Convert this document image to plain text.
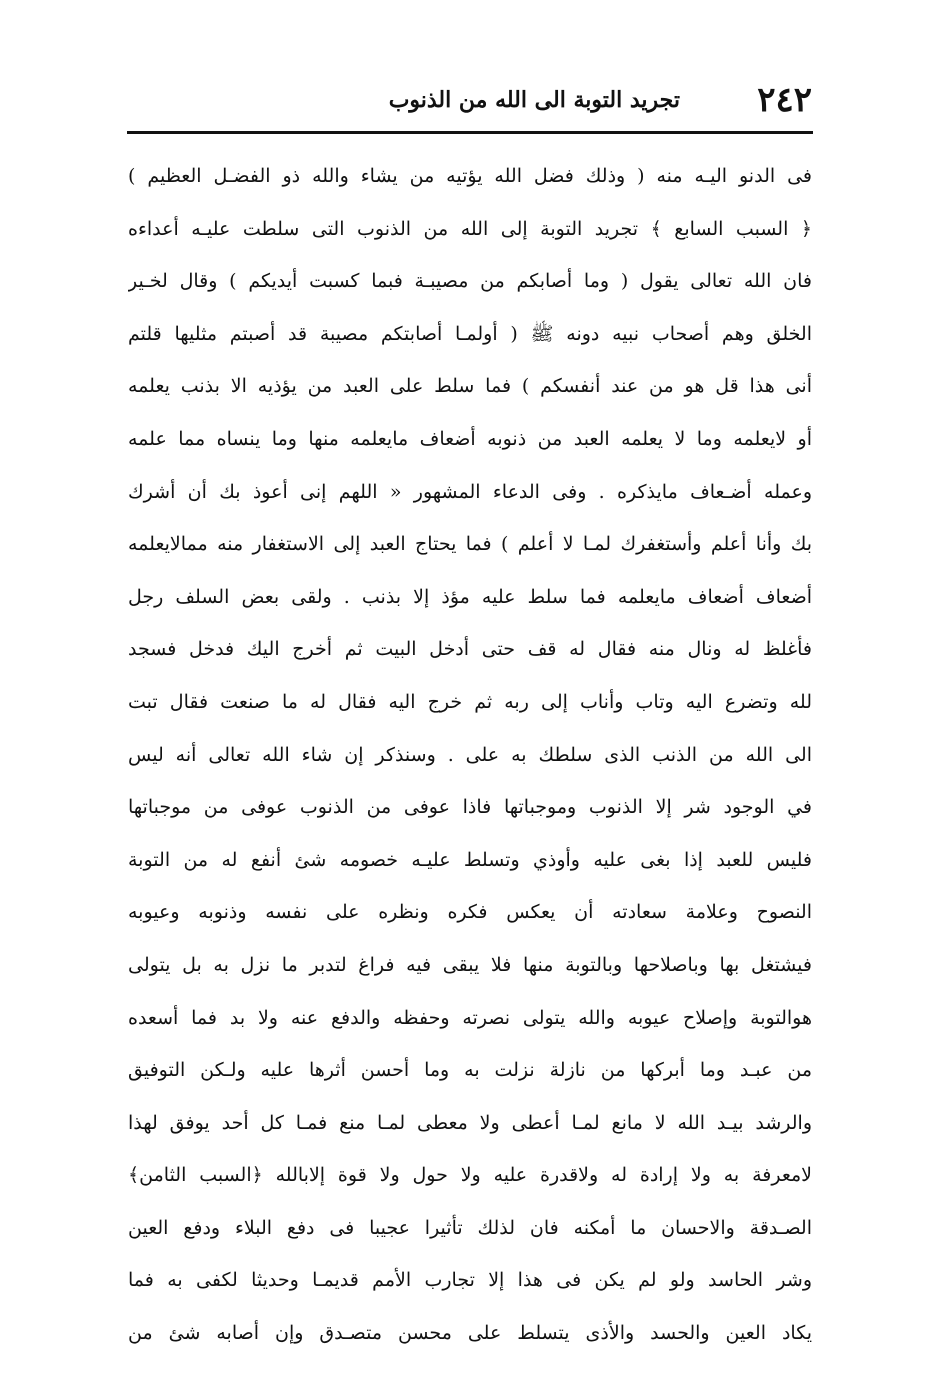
٢٤٢
تجريد التوبة الى الله من الذنوب
فى الدنو اليـه منه ( وذلك فضل الله يؤتيه من يشاء والله ذو الفضـل العظيم )
﴿ السبب السابع ﴾ تجريد التوبة إلى الله من الذنوب التى سلطت عليـه أعداءه
فان الله تعالى يقول ( وما أصابكم من مصيبـة فبما كسبت أيديكم ) وقال لخـير
الخلق وهم أصحاب نبيه دونه ﷺ ( أولمـا أصابتكم مصيبة قد أصبتم مثليها قلتم
أنى هذا قل هو من عند أنفسكم ) فما سلط على العبد من يؤذيه الا بذنب يعلمه
أو لايعلمه وما لا يعلمه العبد من ذنوبه أضعاف مايعلمه منها وما ينساه مما علمه
وعمله أضـعاف مايذكره . وفى الدعاء المشهور « اللهم إنى أعوذ بك أن أشرك
بك وأنا أعلم وأستغفرك لمـا لا أعلم ) فما يحتاج العبد إلى الاستغفار منه ممالايعلمه
أضعاف أضعاف مايعلمه فما سلط عليه مؤذ إلا بذنب . ولقى بعض السلف رجل
فأغلظ له ونال منه فقال له قف حتى أدخل البيت ثم أخرج اليك فدخل فسجد
لله وتضرع اليه وتاب وأناب إلى ربه ثم خرج اليه فقال له ما صنعت فقال تبت
الى الله من الذنب الذى سلطك به على . وسنذكر إن شاء الله تعالى أنه ليس
في الوجود شر إلا الذنوب وموجباتها فاذا عوفى من الذنوب عوفى من موجباتها
فليس للعبد إذا بغى عليه وأوذي وتسلط عليـه خصومه شئ أنفع له من التوبة
النصوح وعلامة سعادته أن يعكس فكره ونظره على نفسه وذنوبه وعيوبه
فيشتغل بها وباصلاحها وبالتوبة منها فلا يبقى فيه فراغ لتدبر ما نزل به بل يتولى
هوالتوبة وإصلاح عيوبه والله يتولى نصرته وحفظه والدفع عنه ولا بد فما أسعده
من عبـد وما أبركها من نازلة نزلت به وما أحسن أثرها عليه ولـكن التوفيق
والرشد بيـد الله لا مانع لمـا أعطى ولا معطى لمـا منع فمـا كل أحد يوفق لهذا
لامعرفة به ولا إرادة له ولاقدرة عليه ولا حول ولا قوة إلابالله ﴿السبب الثامن﴾
الصـدقة والاحسان ما أمكنه فان لذلك تأثيرا عجيبا فى دفع البلاء ودفع العين
وشر الحاسد ولو لم يكن فى هذا إلا تجارب الأمم قديمـا وحديثا لكفى به فما
يكاد العين والحسد والأذى يتسلط على محسن متصـدق وإن أصابه شئ من
